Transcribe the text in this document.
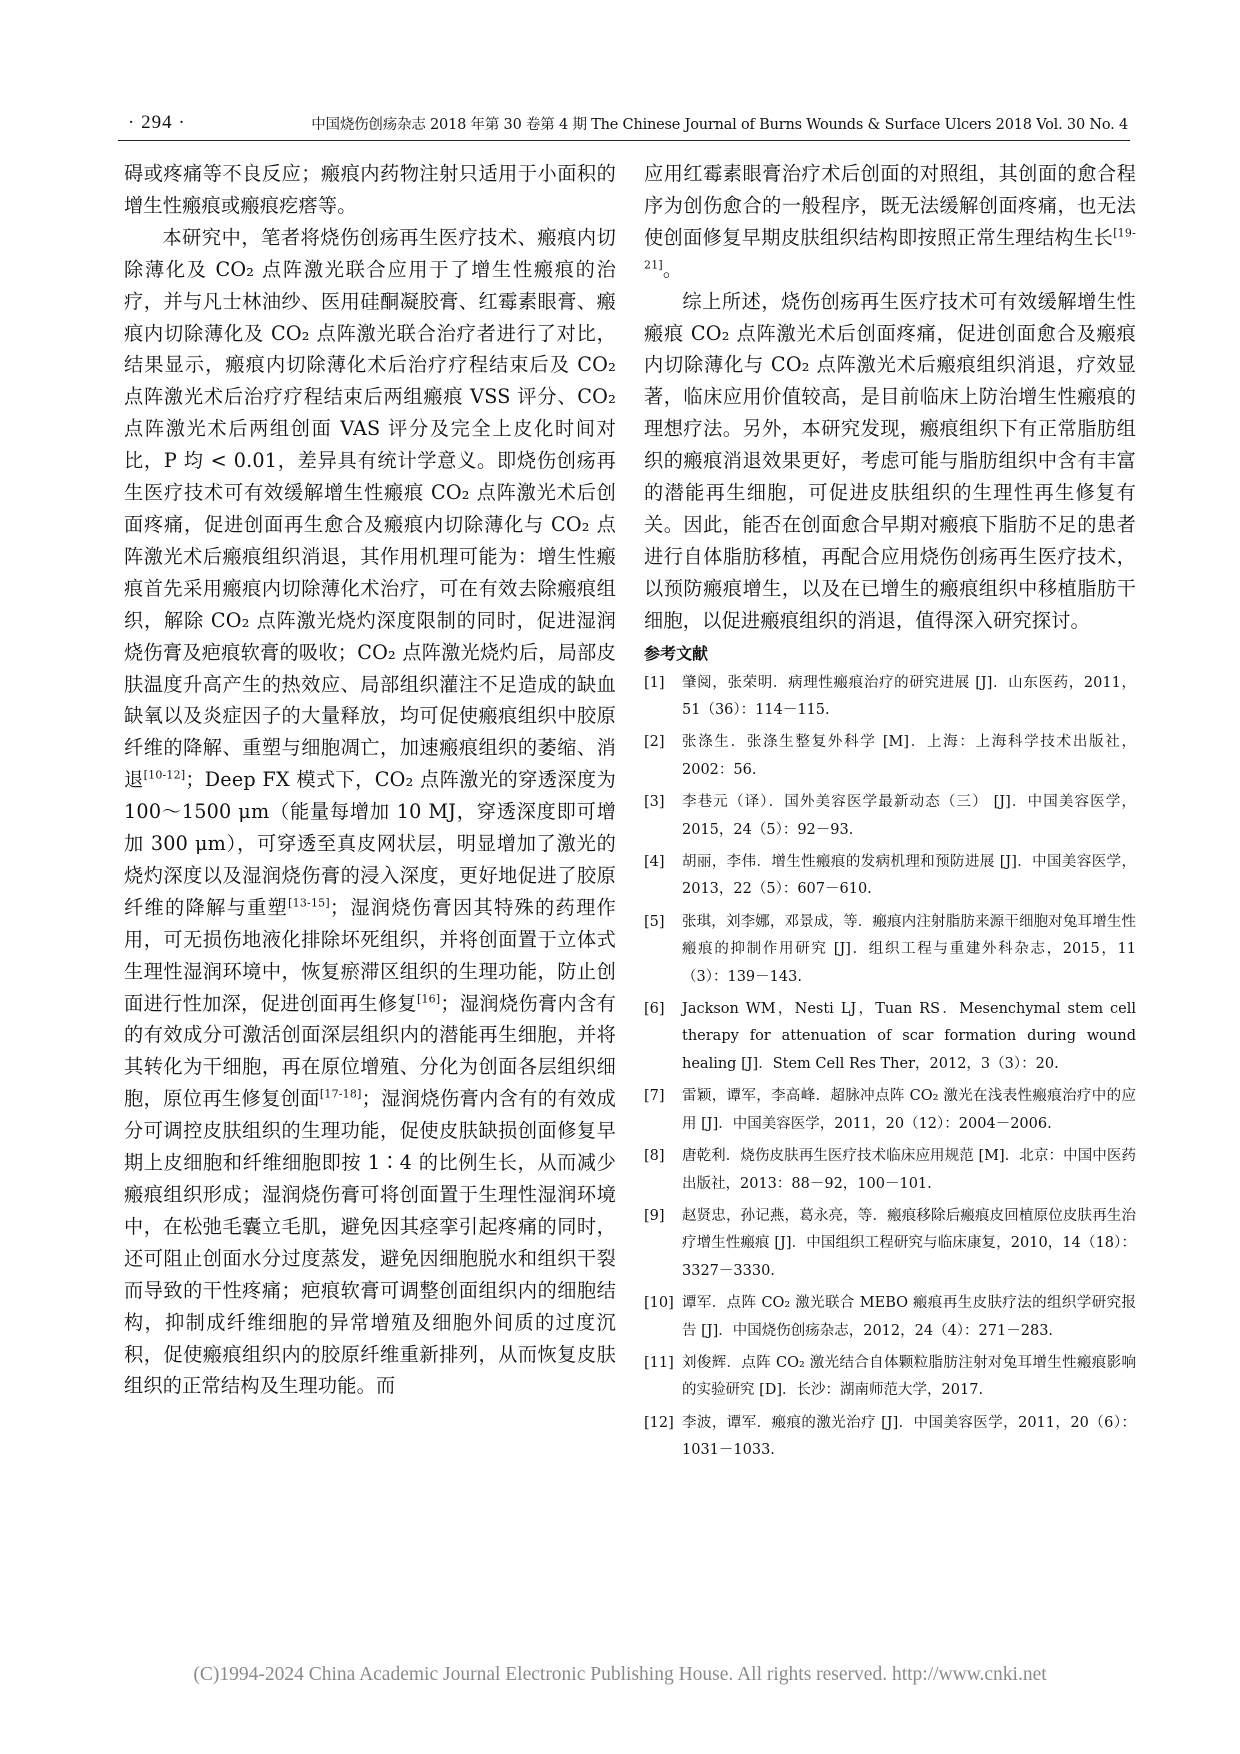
· 294 ·	中国烧伤创疡杂志 2018 年第 30 卷第 4 期 The Chinese Journal of Burns Wounds & Surface Ulcers 2018 Vol. 30 No. 4

碍或疼痛等不良反应；瘢痕内药物注射只适用于小面积的增生性瘢痕或瘢痕疙瘩等。

本研究中，笔者将烧伤创疡再生医疗技术、瘢痕内切除薄化及 CO₂ 点阵激光联合应用于了增生性瘢痕的治疗，并与凡士林油纱、医用硅酮凝胶膏、红霉素眼膏、瘢痕内切除薄化及 CO₂ 点阵激光联合治疗者进行了对比，结果显示，瘢痕内切除薄化术后治疗疗程结束后及 CO₂ 点阵激光术后治疗疗程结束后两组瘢痕 VSS 评分、CO₂ 点阵激光术后两组创面 VAS 评分及完全上皮化时间对比，P 均 < 0.01，差异具有统计学意义。即烧伤创疡再生医疗技术可有效缓解增生性瘢痕 CO₂ 点阵激光术后创面疼痛，促进创面再生愈合及瘢痕内切除薄化与 CO₂ 点阵激光术后瘢痕组织消退，其作用机理可能为：增生性瘢痕首先采用瘢痕内切除薄化术治疗，可在有效去除瘢痕组织，解除 CO₂ 点阵激光烧灼深度限制的同时，促进湿润烧伤膏及疤痕软膏的吸收；CO₂ 点阵激光烧灼后，局部皮肤温度升高产生的热效应、局部组织灌注不足造成的缺血缺氧以及炎症因子的大量释放，均可促使瘢痕组织中胶原纤维的降解、重塑与细胞凋亡，加速瘢痕组织的萎缩、消退[10-12]；Deep FX 模式下，CO₂ 点阵激光的穿透深度为 100～1500 μm（能量每增加 10 MJ，穿透深度即可增加 300 μm），可穿透至真皮网状层，明显增加了激光的烧灼深度以及湿润烧伤膏的浸入深度，更好地促进了胶原纤维的降解与重塑[13-15]；湿润烧伤膏因其特殊的药理作用，可无损伤地液化排除坏死组织，并将创面置于立体式生理性湿润环境中，恢复瘀滞区组织的生理功能，防止创面进行性加深，促进创面再生修复[16]；湿润烧伤膏内含有的有效成分可激活创面深层组织内的潜能再生细胞，并将其转化为干细胞，再在原位增殖、分化为创面各层组织细胞，原位再生修复创面[17-18]；湿润烧伤膏内含有的有效成分可调控皮肤组织的生理功能，促使皮肤缺损创面修复早期上皮细胞和纤维细胞即按 1∶4 的比例生长，从而减少瘢痕组织形成；湿润烧伤膏可将创面置于生理性湿润环境中，在松弛毛囊立毛肌，避免因其痉挛引起疼痛的同时，还可阻止创面水分过度蒸发，避免因细胞脱水和组织干裂而导致的干性疼痛；疤痕软膏可调整创面组织内的细胞结构，抑制成纤维细胞的异常增殖及细胞外间质的过度沉积，促使瘢痕组织内的胶原纤维重新排列，从而恢复皮肤组织的正常结构及生理功能。而

应用红霉素眼膏治疗术后创面的对照组，其创面的愈合程序为创伤愈合的一般程序，既无法缓解创面疼痛，也无法使创面修复早期皮肤组织结构即按照正常生理结构生长[19-21]。

综上所述，烧伤创疡再生医疗技术可有效缓解增生性瘢痕 CO₂ 点阵激光术后创面疼痛，促进创面愈合及瘢痕内切除薄化与 CO₂ 点阵激光术后瘢痕组织消退，疗效显著，临床应用价值较高，是目前临床上防治增生性瘢痕的理想疗法。另外，本研究发现，瘢痕组织下有正常脂肪组织的瘢痕消退效果更好，考虑可能与脂肪组织中含有丰富的潜能再生细胞，可促进皮肤组织的生理性再生修复有关。因此，能否在创面愈合早期对瘢痕下脂肪不足的患者进行自体脂肪移植，再配合应用烧伤创疡再生医疗技术，以预防瘢痕增生，以及在已增生的瘢痕组织中移植脂肪干细胞，以促进瘢痕组织的消退，值得深入研究探讨。

参考文献
[1]	肇阅，张荣明．病理性瘢痕治疗的研究进展 [J]．山东医药，2011，51（36）：114－115.
[2]	张涤生．张涤生整复外科学 [M]．上海：上海科学技术出版社，2002：56.
[3]	李巷元（译）．国外美容医学最新动态（三） [J]．中国美容医学，2015，24（5）：92－93.
[4]	胡丽，李伟．增生性瘢痕的发病机理和预防进展 [J]．中国美容医学，2013，22（5）：607－610.
[5]	张琪，刘李娜，邓景成，等．瘢痕内注射脂肪来源干细胞对兔耳增生性瘢痕的抑制作用研究 [J]．组织工程与重建外科杂志，2015，11（3）：139－143.
[6]	Jackson WM，Nesti LJ，Tuan RS．Mesenchymal stem cell therapy for attenuation of scar formation during wound healing [J]．Stem Cell Res Ther，2012，3（3）：20.
[7]	雷颖，谭军，李高峰．超脉冲点阵 CO₂ 激光在浅表性瘢痕治疗中的应用 [J]．中国美容医学，2011，20（12）：2004－2006.
[8]	唐乾利．烧伤皮肤再生医疗技术临床应用规范 [M]．北京：中国中医药出版社，2013：88－92，100－101.
[9]	赵贤忠，孙记燕，葛永亮，等．瘢痕移除后瘢痕皮回植原位皮肤再生治疗增生性瘢痕 [J]．中国组织工程研究与临床康复，2010，14（18）：3327－3330.
[10] 谭军．点阵 CO₂ 激光联合 MEBO 瘢痕再生皮肤疗法的组织学研究报告 [J]．中国烧伤创疡杂志，2012，24（4）：271－283.
[11] 刘俊辉．点阵 CO₂ 激光结合自体颗粒脂肪注射对兔耳增生性瘢痕影响的实验研究 [D]．长沙：湖南师范大学，2017.
[12] 李波，谭军．瘢痕的激光治疗 [J]．中国美容医学，2011，20（6）：1031－1033.
(C)1994-2024 China Academic Journal Electronic Publishing House. All rights reserved. http://www.cnki.net
